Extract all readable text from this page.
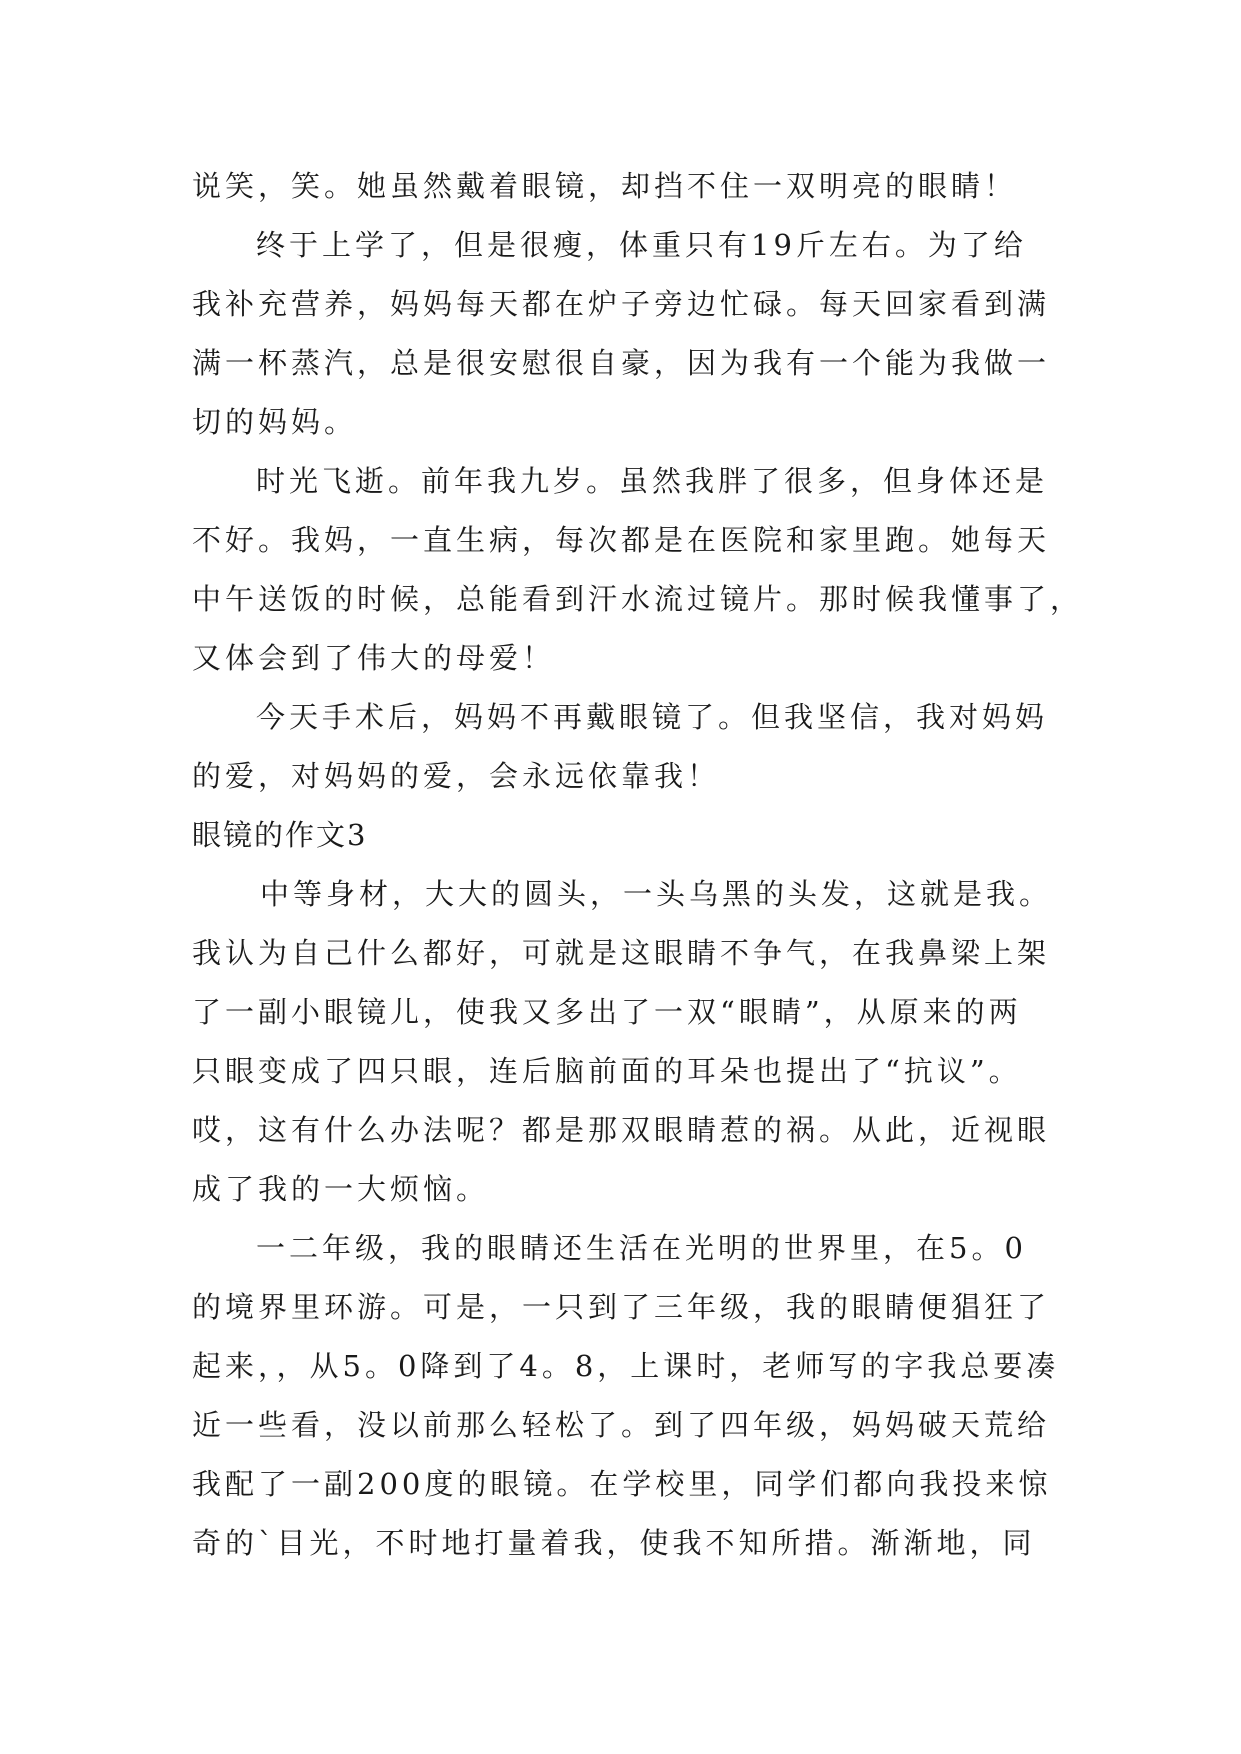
说笑，笑。她虽然戴着眼镜，却挡不住一双明亮的眼睛！
终于上学了，但是很瘦，体重只有19斤左右。为了给
我补充营养，妈妈每天都在炉子旁边忙碌。每天回家看到满
满一杯蒸汽，总是很安慰很自豪，因为我有一个能为我做一
切的妈妈。
时光飞逝。前年我九岁。虽然我胖了很多，但身体还是
不好。我妈，一直生病，每次都是在医院和家里跑。她每天
中午送饭的时候，总能看到汗水流过镜片。那时候我懂事了，
又体会到了伟大的母爱！
今天手术后，妈妈不再戴眼镜了。但我坚信，我对妈妈
的爱，对妈妈的爱，会永远依靠我！
眼镜的作文3
中等身材，大大的圆头，一头乌黑的头发，这就是我。
我认为自己什么都好，可就是这眼睛不争气，在我鼻梁上架
了一副小眼镜儿，使我又多出了一双“眼睛”，从原来的两
只眼变成了四只眼，连后脑前面的耳朵也提出了“抗议”。
哎，这有什么办法呢？都是那双眼睛惹的祸。从此，近视眼
成了我的一大烦恼。
一二年级，我的眼睛还生活在光明的世界里，在5。0
的境界里环游。可是，一只到了三年级，我的眼睛便猖狂了
起来，，从5。0降到了4。8，上课时，老师写的字我总要凑
近一些看，没以前那么轻松了。到了四年级，妈妈破天荒给
我配了一副200度的眼镜。在学校里，同学们都向我投来惊
奇的`目光，不时地打量着我，使我不知所措。渐渐地，同
